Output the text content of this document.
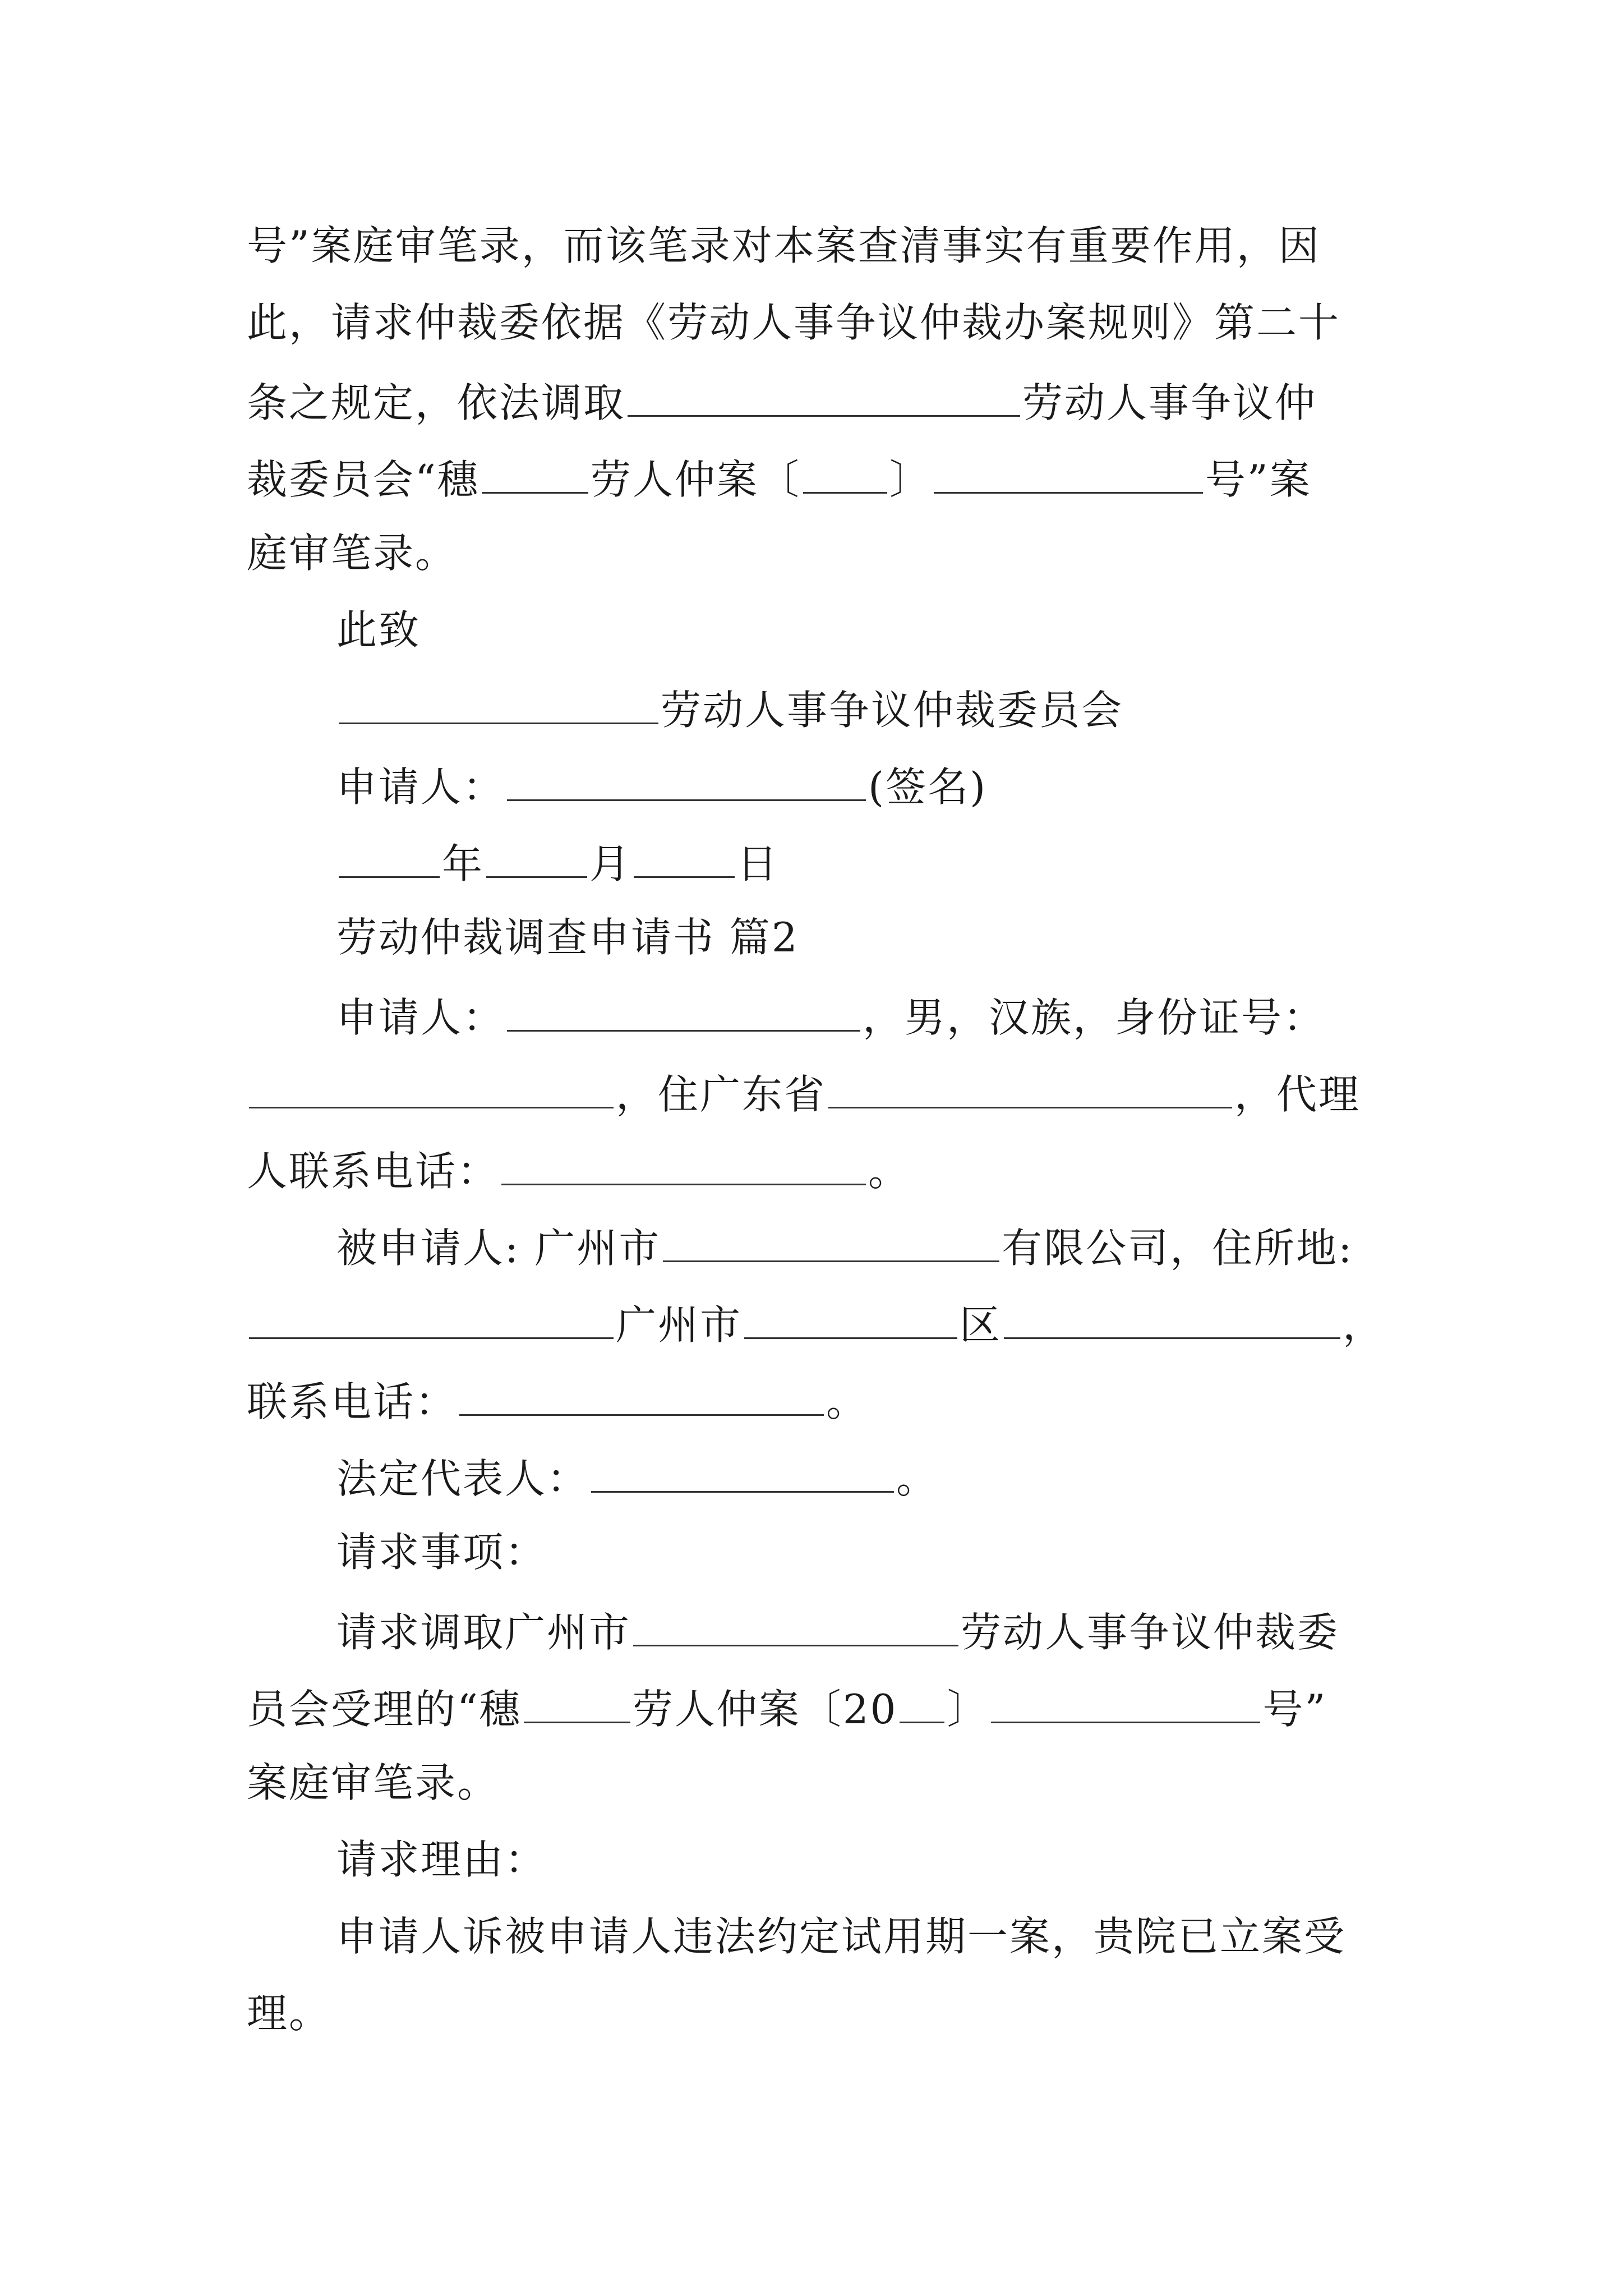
号”案庭审笔录，而该笔录对本案查清事实有重要作用，因
此，请求仲裁委依据《劳动人事争议仲裁办案规则》第二十
条之规定，依法调取	劳动人事争议仲
裁委员会“穗	劳人仲案〔 〕	号”案
庭审笔录。
此致
劳动人事争议仲裁委员会
申请人：	(签名)
年	月	日
劳动仲裁调查申请书 篇2
申请人：	，男，汉族，身份证号：
，住广东省	，代理
人联系电话：	。
被申请人: 广州市	有限公司，住所地:
广州市	区	，
联系电话：	。
法定代表人：	。
请求事项：
请求调取广州市	劳动人事争议仲裁委
员会受理的“穗	劳人仲案〔20 〕	号”
案庭审笔录。
请求理由：
申请人诉被申请人违法约定试用期一案，贵院已立案受
理。
